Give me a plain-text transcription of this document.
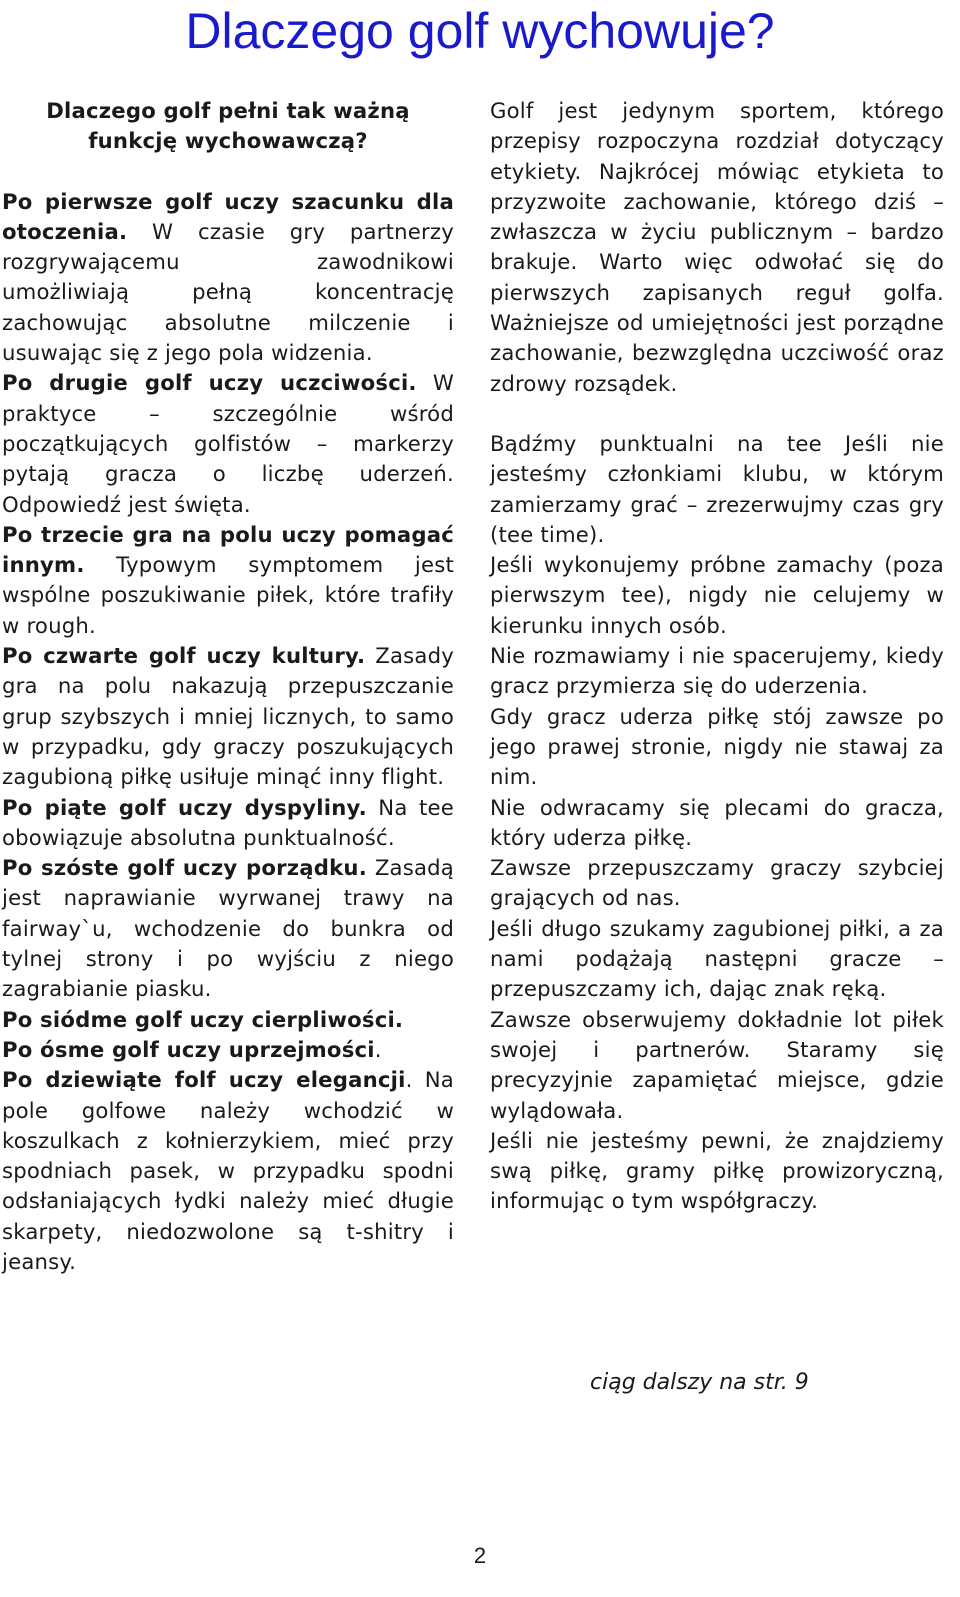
Dlaczego golf wychowuje?

Dlaczego golf pełni tak ważną funkcję wychowawczą?

Po pierwsze golf uczy szacunku dla otoczenia. W czasie gry partnerzy rozgrywającemu zawodnikowi umożliwiają pełną koncentrację zachowując absolutne milczenie i usuwając się z jego pola widzenia.

Po drugie golf uczy uczciwości. W praktyce – szczególnie wśród początkujących golfistów – markerzy pytają gracza o liczbę uderzeń. Odpowiedź jest święta.

Po trzecie gra na polu uczy pomagać innym. Typowym symptomem jest wspólne poszukiwanie piłek, które trafiły w rough.

Po czwarte golf uczy kultury. Zasady gra na polu nakazują przepuszczanie grup szybszych i mniej licznych, to samo w przypadku, gdy graczy poszukujących zagubioną piłkę usiłuje minąć inny flight.

Po piąte golf uczy dyspyliny. Na tee obowiązuje absolutna punktualność.

Po szóste golf uczy porządku. Zasadą jest naprawianie wyrwanej trawy na fairway`u, wchodzenie do bunkra od tylnej strony i po wyjściu z niego zagrabianie piasku.

Po siódme golf uczy cierpliwości.

Po ósme golf uczy uprzejmości.

Po dziewiąte folf uczy elegancji. Na pole golfowe należy wchodzić w koszulkach z kołnierzykiem, mieć przy spodniach pasek, w przypadku spodni odsłaniających łydki należy mieć długie skarpety, niedozwolone są t-shitry i jeansy.

Golf jest jedynym sportem, którego przepisy rozpoczyna rozdział dotyczący etykiety. Najkrócej mówiąc etykieta to przyzwoite zachowanie, którego dziś – zwłaszcza w życiu publicznym – bardzo brakuje. Warto więc odwołać się do pierwszych zapisanych reguł golfa. Ważniejsze od umiejętności jest porządne zachowanie, bezwzględna uczciwość oraz zdrowy rozsądek.

Bądźmy punktualni na tee Jeśli nie jesteśmy członkiami klubu, w którym zamierzamy grać – zrezerwujmy czas gry (tee time).

Jeśli wykonujemy próbne zamachy (poza pierwszym tee), nigdy nie celujemy w kierunku innych osób.

Nie rozmawiamy i nie spacerujemy, kiedy gracz przymierza się do uderzenia.

Gdy gracz uderza piłkę stój zawsze po jego prawej stronie, nigdy nie stawaj za nim.

Nie odwracamy się plecami do gracza, który uderza piłkę.

Zawsze przepuszczamy graczy szybciej grających od nas.

Jeśli długo szukamy zagubionej piłki, a za nami podążają następni gracze – przepuszczamy ich, dając znak ręką.

Zawsze obserwujemy dokładnie lot piłek swojej i partnerów. Staramy się precyzyjnie zapamiętać miejsce, gdzie wylądowała.

Jeśli nie jesteśmy pewni, że znajdziemy swą piłkę, gramy piłkę prowizoryczną, informując o tym współgraczy.

ciąg dalszy na str. 9
2
